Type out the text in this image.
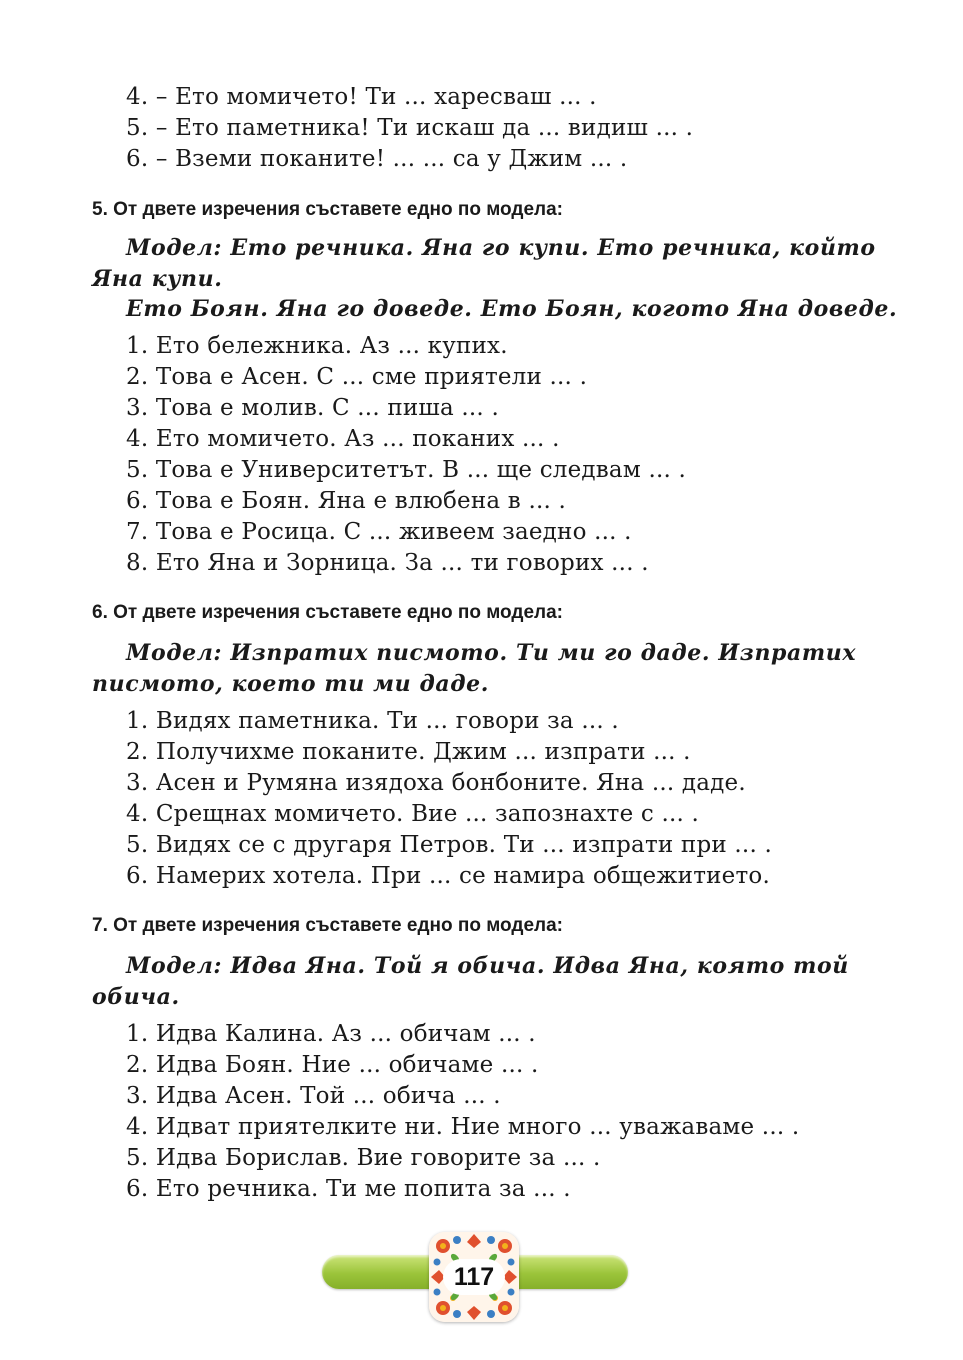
4. – Ето момичето! Ти ... харесваш ... .
5. – Ето паметника! Ти искаш да ... видиш ... .
6. – Вземи поканите! ... ... са у Джим ... .
5. От двете изречения съставете едно по модела:
Модел: Ето речника. Яна го купи. Ето речника, който
Яна купи.
Ето Боян. Яна го доведе. Ето Боян, когото Яна доведе.
1. Ето бележника. Аз ... купих.
2. Това е Асен. С ... сме приятели ... .
3. Това е молив. С ... пиша ... .
4. Ето момичето. Аз ... поканих ... .
5. Това е Университетът. В ... ще следвам ... .
6. Това е Боян. Яна е влюбена в ... .
7. Това е Росица. С ... живеем заедно ... .
8. Ето Яна и Зорница. За ... ти говорих ... .
6. От двете изречения съставете едно по модела:
Модел: Изпратих писмото. Ти ми го даде. Изпратих
писмото, което ти ми даде.
1. Видях паметника. Ти ... говори за ... .
2. Получихме поканите. Джим ... изпрати ... .
3. Асен и Румяна изядоха бонбоните. Яна ... даде.
4. Срещнах момичето. Вие ... запознахте с ... .
5. Видях се с другаря Петров. Ти ... изпрати при ... .
6. Намерих хотела. При ... се намира общежитието.
7. От двете изречения съставете едно по модела:
Модел: Идва Яна. Той я обича. Идва Яна, която той
обича.
1. Идва Калина. Аз ... обичам ... .
2. Идва Боян. Ние ... обичаме ... .
3. Идва Асен. Той ... обича ... .
4. Идват приятелките ни. Ние много ... уважаваме ... .
5. Идва Борислав. Вие говорите за ... .
6. Ето речника. Ти ме попита за ... .
117
